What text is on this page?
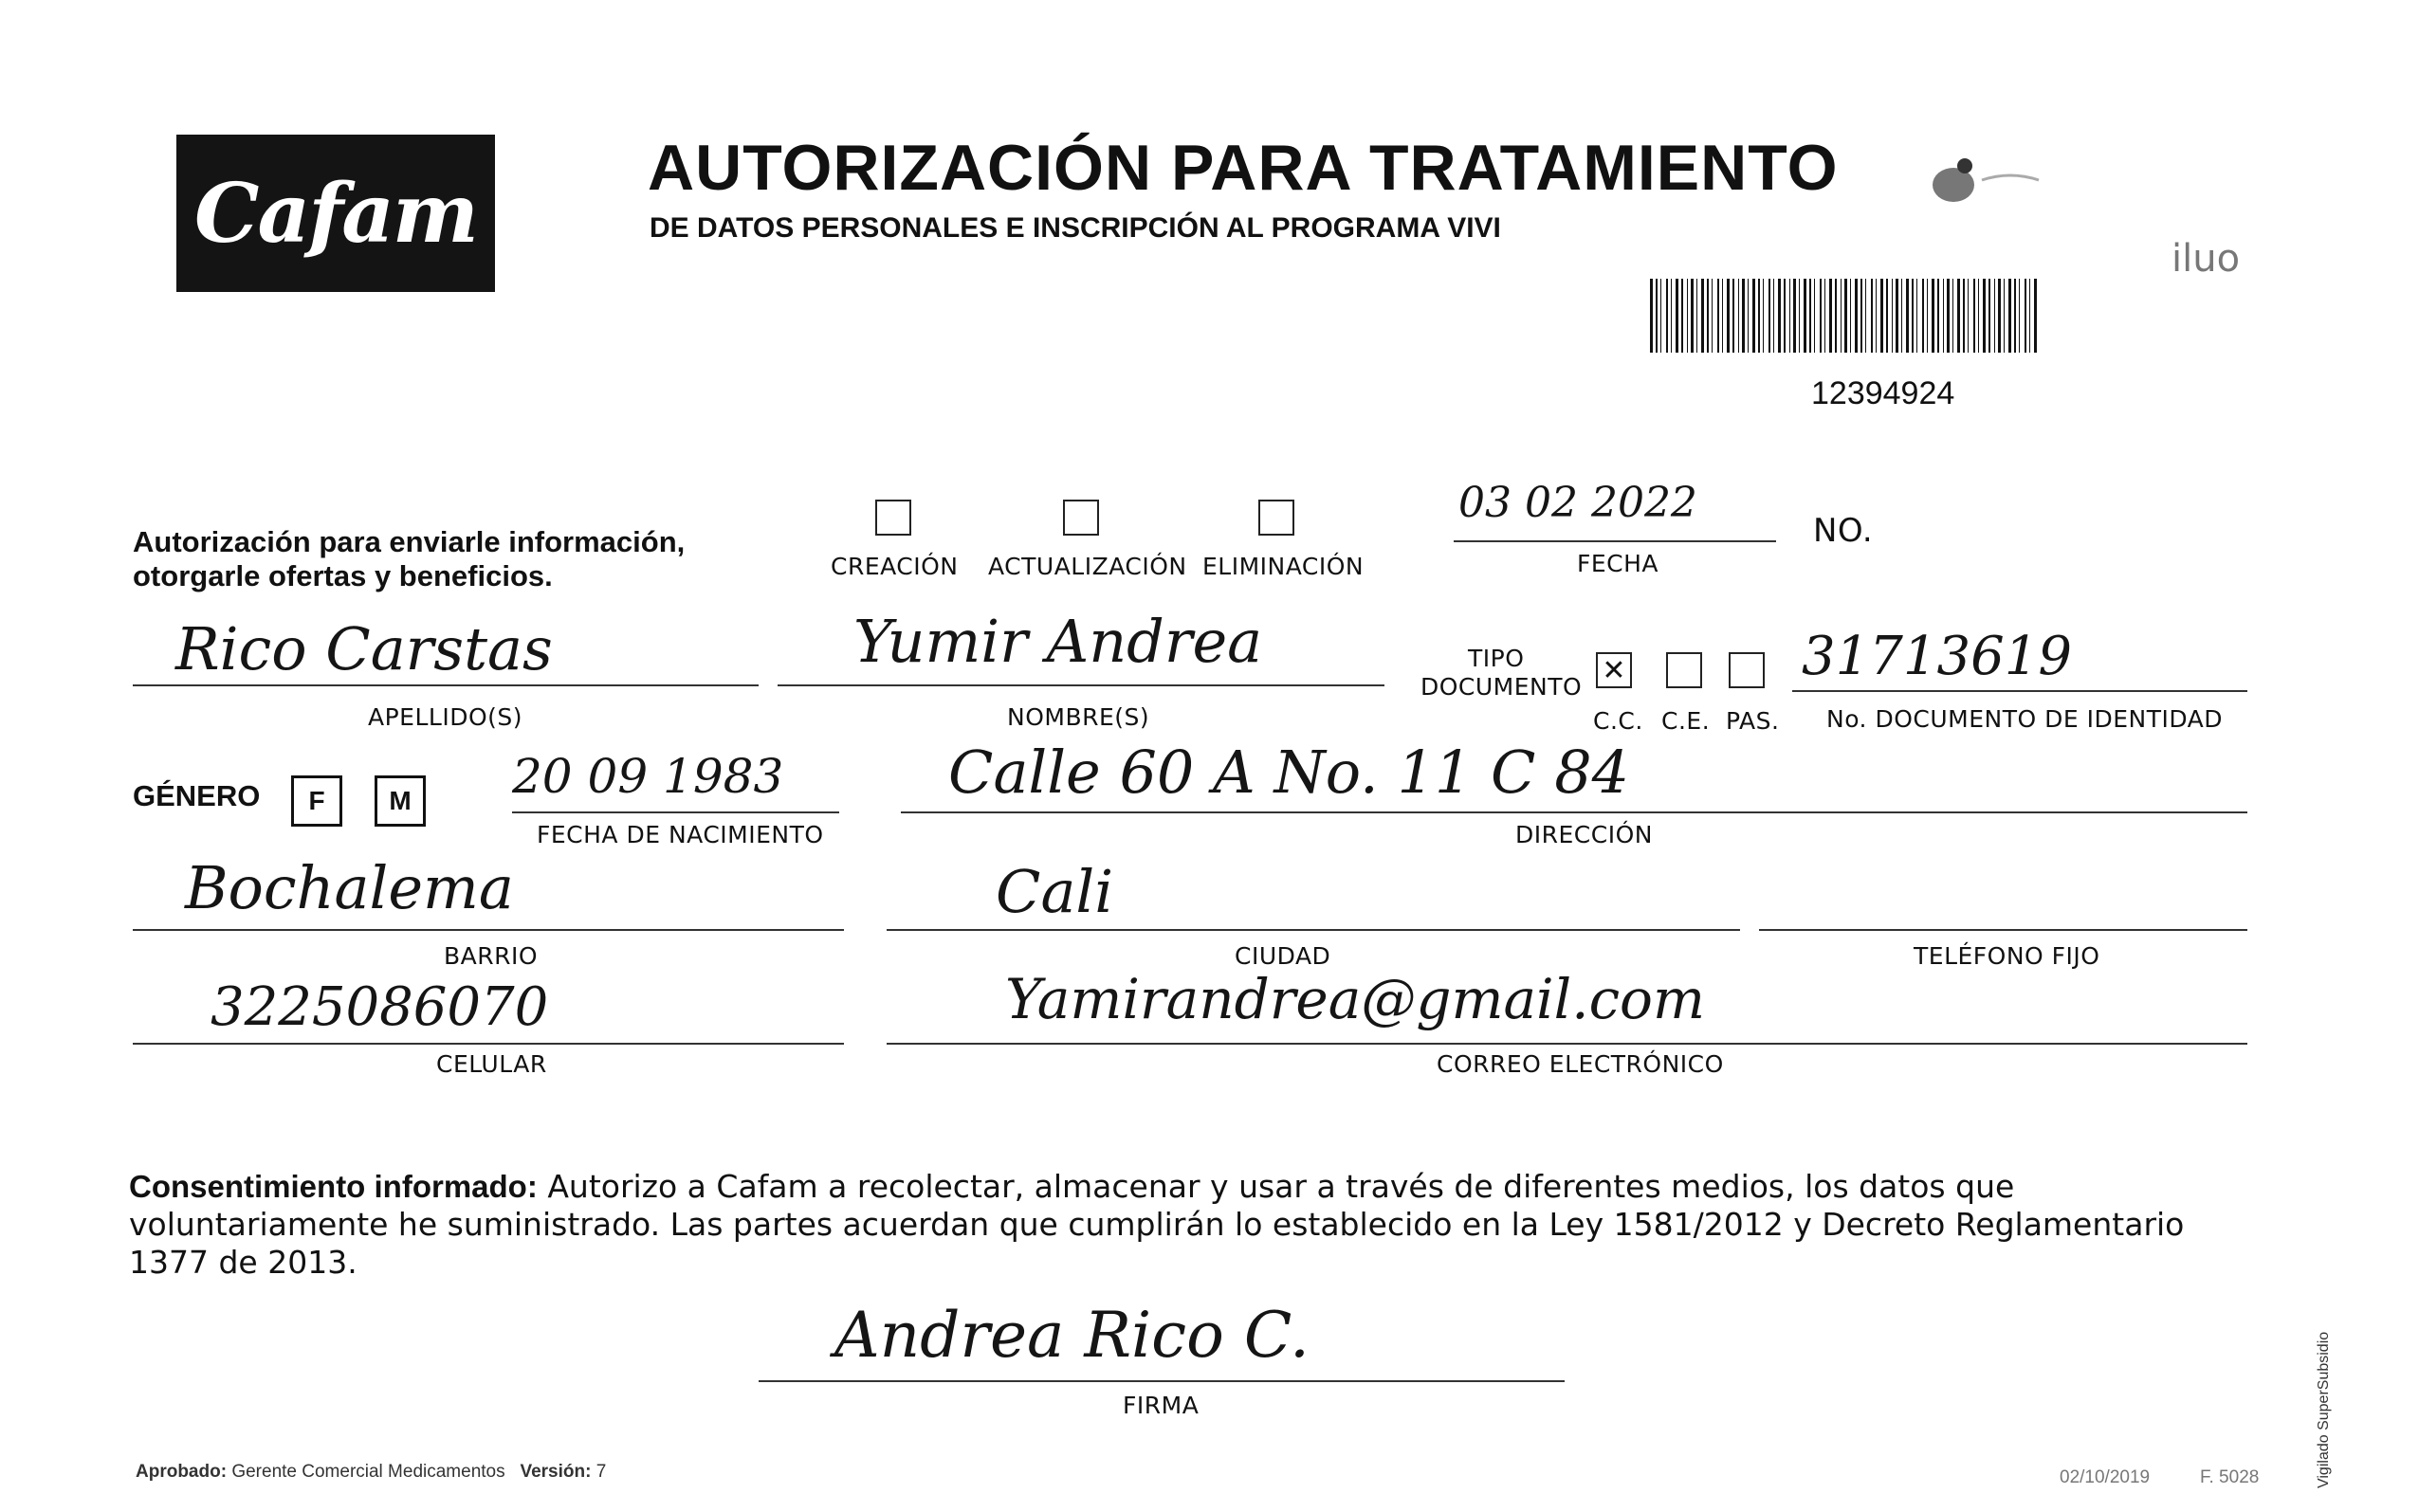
Cafam	AUTORIZACIÓN PARA TRATAMIENTO
DE DATOS PERSONALES E INSCRIPCIÓN AL PROGRAMA VIVI
iluo
12394924
Autorización para enviarle información,
otorgarle ofertas y beneficios.	CREACIÓN ACTUALIZACIÓN ELIMINACIÓN
03 02 2022
FECHA
NO.
Rico Carstas
APELLIDO(S)
Yumir Andrea
NOMBRE(S)
TIPO
DOCUMENTO
✕
C.C. C.E. PAS.
31713619
No. DOCUMENTO DE IDENTIDAD
GÉNERO	F	M	20 09 1983
FECHA DE NACIMIENTO
Calle 60 A No. 11 C 84
DIRECCIÓN
Bochalema
BARRIO
Cali
CIUDAD	TELÉFONO FIJO
3225086070
CELULAR
Yamirandrea@gmail.com
CORREO ELECTRÓNICO
Consentimiento informado: Autorizo a Cafam a recolectar, almacenar y usar a través de diferentes medios, los datos que voluntariamente he suministrado. Las partes acuerdan que cumplirán lo establecido en la Ley 1581/2012 y Decreto Reglamentario 1377 de 2013.
Andrea Rico C.
FIRMA
Aprobado: Gerente Comercial Medicamentos Versión: 7	02/10/2019	F. 5028	Vigilado SuperSubsidio
